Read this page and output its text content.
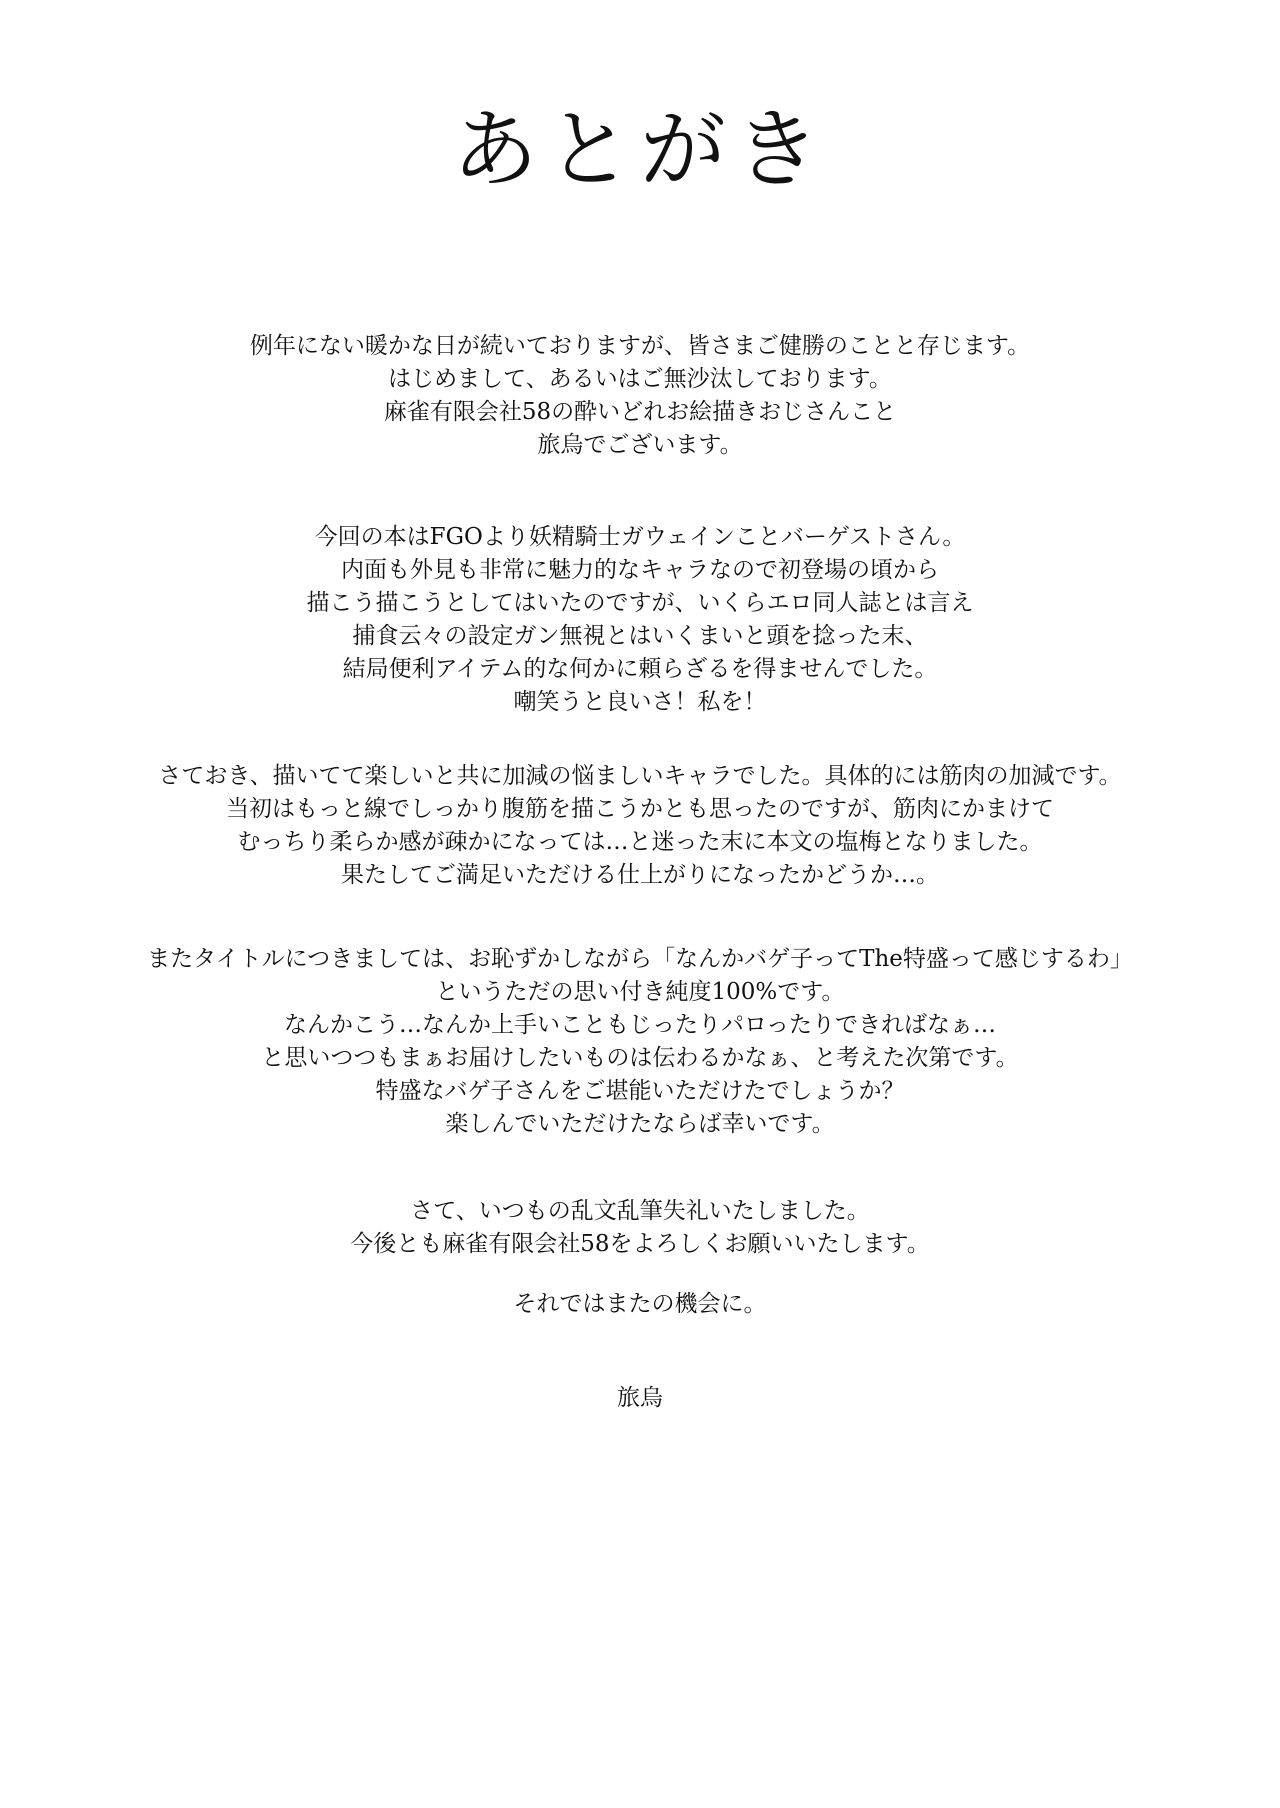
あとがき
例年にない暖かな日が続いておりますが、皆さまご健勝のことと存じます。
はじめまして、あるいはご無沙汰しております。
麻雀有限会社58の酔いどれお絵描きおじさんこと
旅烏でございます。
今回の本はFGOより妖精騎士ガウェインことバーゲストさん。
内面も外見も非常に魅力的なキャラなので初登場の頃から
描こう描こうとしてはいたのですが、いくらエロ同人誌とは言え
捕食云々の設定ガン無視とはいくまいと頭を捻った末、
結局便利アイテム的な何かに頼らざるを得ませんでした。
嘲笑うと良いさ！私を！
さておき、描いてて楽しいと共に加減の悩ましいキャラでした。具体的には筋肉の加減です。
当初はもっと線でしっかり腹筋を描こうかとも思ったのですが、筋肉にかまけて
むっちり柔らか感が疎かになっては…と迷った末に本文の塩梅となりました。
果たしてご満足いただける仕上がりになったかどうか…。
またタイトルにつきましては、お恥ずかしながら「なんかバゲ子ってThe特盛って感じするわ」
というただの思い付き純度100%です。
なんかこう…なんか上手いこともじったりパロったりできればなぁ…
と思いつつもまぁお届けしたいものは伝わるかなぁ、と考えた次第です。
特盛なバゲ子さんをご堪能いただけたでしょうか？
楽しんでいただけたならば幸いです。
さて、いつもの乱文乱筆失礼いたしました。
今後とも麻雀有限会社58をよろしくお願いいたします。
それではまたの機会に。
旅烏
